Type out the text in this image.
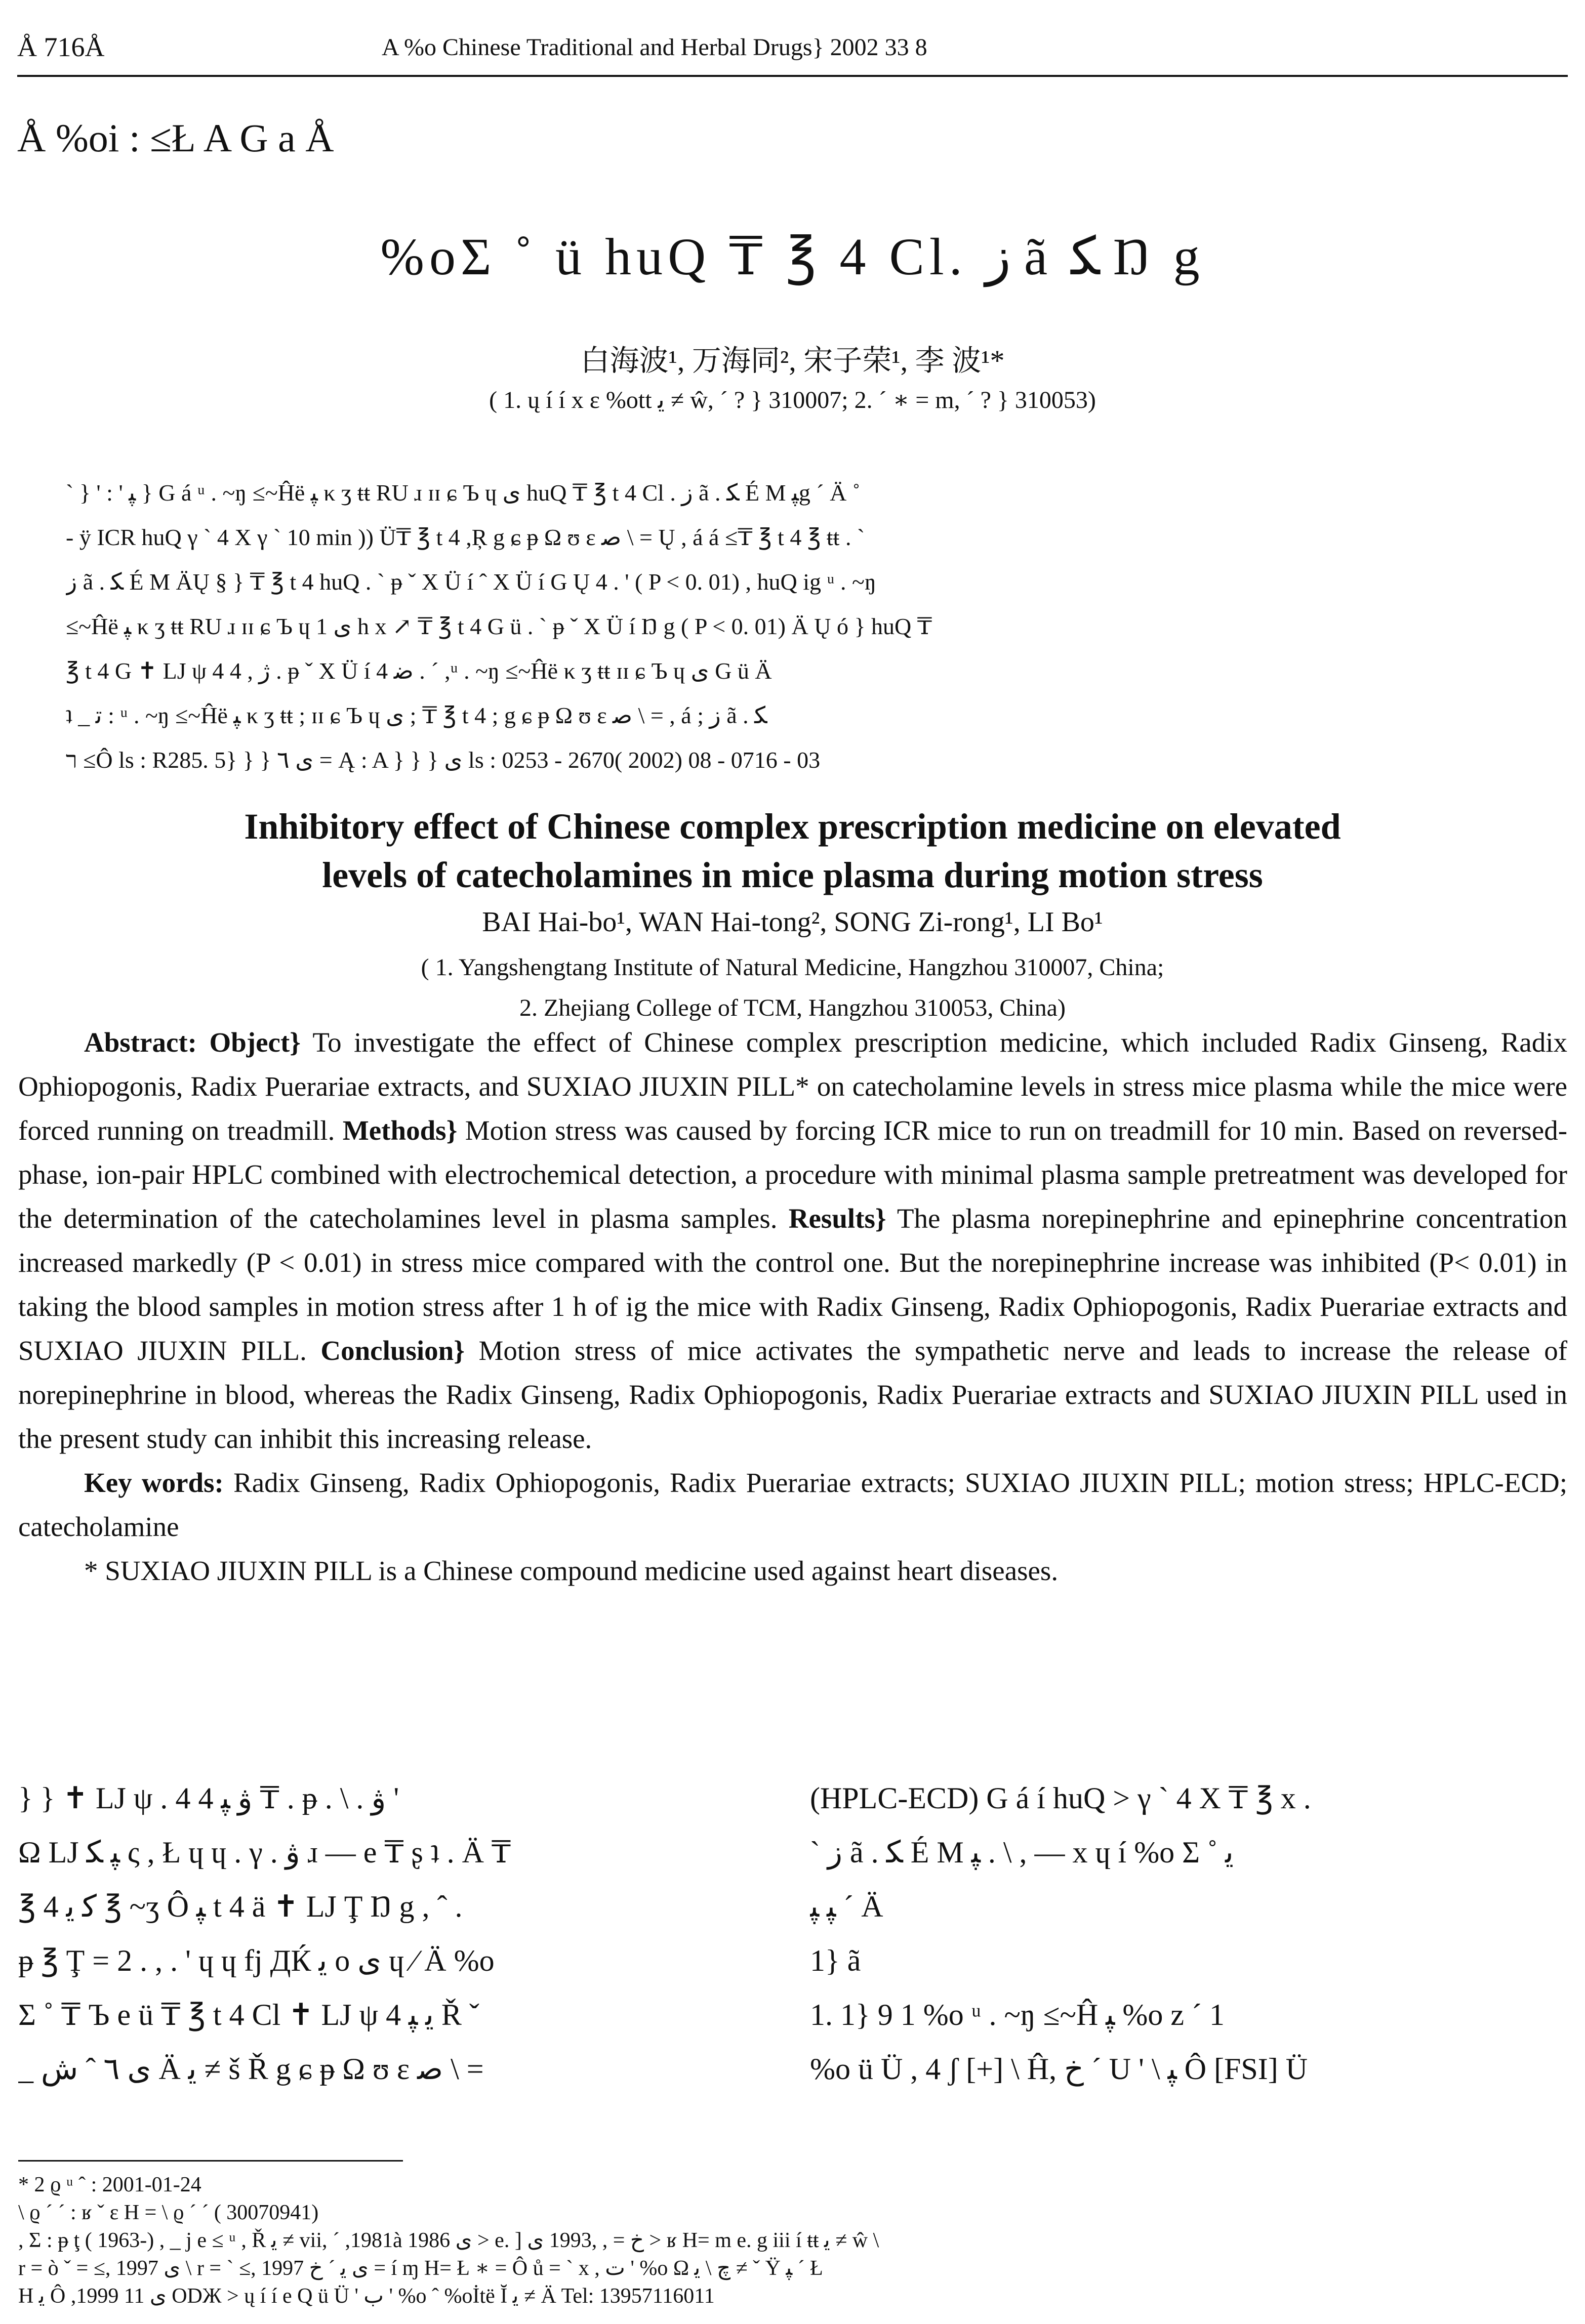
Å 716Å	A %o Chinese Traditional and Herbal Drugs} 2002 33 8
Å %oi : ≤Ł A G a Å
%oΣ ˚ ü huQ ₸ ℥ 4 Cl. ز ã ﮑ Ŋ g
白海波¹, 万海同², 宋子荣¹, 李 波¹*
( 1. ų í í x ε %ott ﯾ ≠ ŵ, ´ ? } 310007; 2. ´ ∗ = m, ´ ? } 310053)
` } ' : ' ﭙ } G á ᵘ . ~ŋ ≤~Ĥë ﭙ κ ʒ ŧŧ RU ɹ ɪɪ ɕ Ъ ɥ ﯼ huQ ₸ ℥ t 4 Cl . ز ã . ﮑ É M ﭙg ´ Ä ˚
- ÿ ICR huQ γ ` 4 X γ ` 10 min )) Ü₸ ℥ t 4 ,Ŗ g ɕ ᵽ Ω ʊ ɛ ﺻ \ = Ų , á á ≤₸ ℥ t 4 ℥ ŧŧ . `
ز ã . ﮑ É M ÄŲ § } ₸ ℥ t 4 huQ . ` ᵽ ˇ X Ü í ˆ X Ü í G Ų 4 . ' ( P < 0. 01) , huQ ig ᵘ . ~ŋ
≤~Ĥë ﭙ κ ʒ ŧŧ RU ɹ ɪɪ ɕ Ъ ɥ ﯼ 1 h x ↗ ₸ ℥ t 4 G ü . ` ᵽ ˇ X Ü í Ŋ g ( P < 0. 01) Ä Ų ó } huQ ₸
℥ t 4 G ✝ LJ ψ 4 4 , ژ . ᵽ ˇ X Ü í 4 ﺿ . ´ ,ᵘ . ~ŋ ≤~Ĥë κ ʒ ŧŧ ɪɪ ɕ Ъ ɥ ﯼ G ü Ä
ʇ _ ﺗ : ᵘ . ~ŋ ≤~Ĥë ﭙ κ ʒ ŧŧ ; ɪɪ ɕ Ъ ɥ ﯼ ; ₸ ℥ t 4 ; g ɕ ᵽ Ω ʊ ɛ ﺻ \ = , á ; ز ã . ﮑ
ר ≤Ô ls : R285. 5} } } ﯼ ٦ = Ą : A } } } ﯼ ls : 0253 - 2670( 2002) 08 - 0716 - 03
Inhibitory effect of Chinese complex prescription medicine on elevated
levels of catecholamines in mice plasma during motion stress
BAI Hai-bo¹, WAN Hai-tong², SONG Zi-rong¹, LI Bo¹
( 1. Yangshengtang Institute of Natural Medicine, Hangzhou 310007, China;
2. Zhejiang College of TCM, Hangzhou 310053, China)

Abstract: Object} To investigate the effect of Chinese complex prescription medicine, which included Radix Ginseng, Radix Ophiopogonis, Radix Puerariae extracts, and SUXIAO JIUXIN PILL* on catecholamine levels in stress mice plasma while the mice were forced running on treadmill. Methods} Motion stress was caused by forcing ICR mice to run on treadmill for 10 min. Based on reversed-phase, ion-pair HPLC combined with electrochemical detection, a procedure with minimal plasma sample pretreatment was developed for the determination of the catecholamines level in plasma samples. Results} The plasma norepinephrine and epinephrine concentration increased markedly (P < 0.01) in stress mice compared with the control one. But the norepinephrine increase was inhibited (P< 0.01) in taking the blood samples in motion stress after 1 h of ig the mice with Radix Ginseng, Radix Ophiopogonis, Radix Puerariae extracts and SUXIAO JIUXIN PILL. Conclusion} Motion stress of mice activates the sympathetic nerve and leads to increase the release of norepinephrine in blood, whereas the Radix Ginseng, Radix Ophiopogonis, Radix Puerariae extracts and SUXIAO JIUXIN PILL used in the present study can inhibit this increasing release.

Key words: Radix Ginseng, Radix Ophiopogonis, Radix Puerariae extracts; SUXIAO JIUXIN PILL; motion stress; HPLC-ECD; catecholamine

* SUXIAO JIUXIN PILL is a Chinese compound medicine used against heart diseases.

} } ✝ LJ ψ . ﯞ ﭙ 4 4 ₸ . ᵽ . \ . ﯞ '
Ω LJ ﭙ ﮑ ς , Ł ɥ ɥ . γ . ﯞ ɹ — e ₸ ʂ ʇ . Ä ₸
℥ ﮐ ﯾ 4 ℥ ~ʒ Ô ﭙ t 4 ä ✝ LJ Ţ Ŋ g , ˆ .
ᵽ ℥ Ţ = 2 . , . ' ɥ ɥ fj ДЌ ﯾ o ﯼ ɥ ⁄ Ä %o
Σ ˚ ₸ Ъ e ü ₸ ℥ t 4 Cl ✝ LJ ψ 4 ﯾ ﭙ Ř ˇ
_ ﯼ ٦ ˆ ﺵ Ä ﯾ ≠ š Ř g ɕ ᵽ Ω ʊ ɛ ﺻ \ =
(HPLC-ECD) G á í huQ > γ ` 4 X ₸ ℥ x .
` ز ã . ﮑ É M ﭙ . \ , — x ɥ í %o Σ ˚ ﯾ
ﭙ ﭙ ´ Ä
1} ã
1. 1} 9 1 %o ᵘ . ~ŋ ≤~Ĥ ﭙ %o z ´ 1
%o ü Ü , 4 ʃ [+] \ Ĥ, ﺥ ´ U ' \ ﭙ Ô [FSI] Ü
* 2 ϱ ᵘ ˆ : 2001-01-24
\ ϱ ´ ´ : ʁ ˇ ε H = \ ϱ ´ ´ ( 30070941)
, Σ : ᵽ ţ ( 1963-) , _ j e ≤ ᵘ , Ř ﯾ ≠ vii, ´ ,1981à 1986 ﯼ > e. ] ﺥ = , ,1993 ﯼ > ʁ H= m e. g iii í ŧŧ ﯾ ≠ ŵ \
r = ò ˇ = ≤, 1997 ﯼ \ r = ` ≤, 1997 ﯼ ﯾ ´ ﺥ = í ɱ H= Ł ∗ = Ô ů = ` x , ﺕ ' %o Ω ﭺ \ ﯾ ≠ ˇ Ÿ ﭙ ´ Ł
H ﯾ Ô ,1999 ﯼ 11 ODЖ > ų í í e Q ü Ü ' ﺏ ' %o ˆ %oİtë Ĭ ﯾ ≠ Ä Tel: 13957116011
